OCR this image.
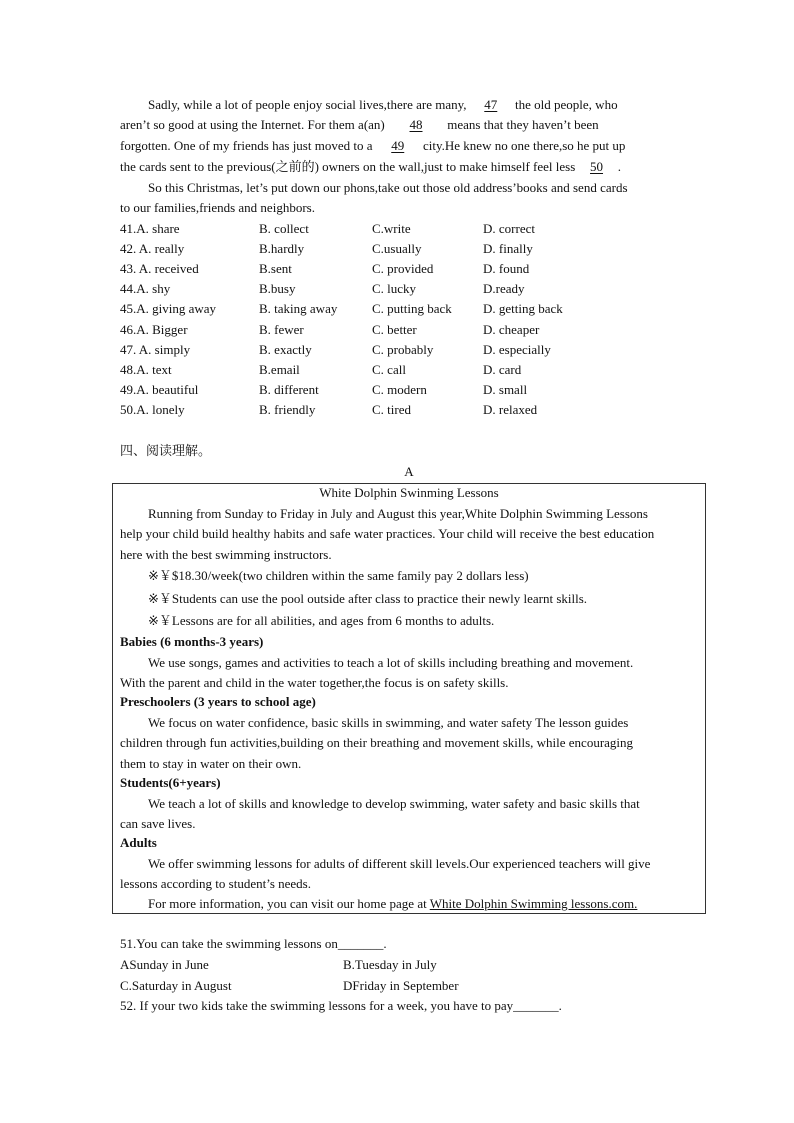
Sadly, while a lot of people enjoy social lives,there are many, 47 the old people, who
aren’t so good at using the Internet. For them a(an) 48 means that they haven’t been
forgotten. One of my friends has just moved to a 49 city.He knew no one there,so he put up
the cards sent to the previous(之前的) owners on the wall,just to make himself feel less 50 .
So this Christmas, let’s put down our phons,take out those old address’books and send cards
to our families,friends and neighbors.
41.A. share	B. collect	C.write	D. correct
42. A. really	B.hardly	C.usually	D. finally
43. A. received	B.sent	C. provided	D. found
44.A. shy	B.busy	C. lucky	D.ready
45.A. giving away	B. taking away	C. putting back D. getting back
46.A. Bigger	B. fewer	C. better	D. cheaper
47. A. simply	B. exactly	C. probably	D. especially
48.A. text	B.email	C. call	D. card
49.A. beautiful	B. different	C. modern	D. small
50.A. lonely	B. friendly	C. tired	D. relaxed
四、阅读理解。
A
White Dolphin Swinming Lessons
Running from Sunday to Friday in July and August this year,White Dolphin Swimming Lessons
help your child build healthy habits and safe water practices. Your child will receive the best education
here with the best swimming instructors.
※￥$18.30/week(two children within the same family pay 2 dollars less)
※￥Students can use the pool outside after class to practice their newly learnt skills.
※￥Lessons are for all abilities, and ages from 6 months to adults.
Babies (6 months-3 years)
We use songs, games and activities to teach a lot of skills including breathing and movement.
With the parent and child in the water together,the focus is on safety skills.
Preschoolers (3 years to school age)
We focus on water confidence, basic skills in swimming, and water safety The lesson guides
children through fun activities,building on their breathing and movement skills, while encouraging
them to stay in water on their own.
Students(6+years)
We teach a lot of skills and knowledge to develop swimming, water safety and basic skills that
can save lives.
Adults
We offer swimming lessons for adults of different skill levels.Our experienced teachers will give
lessons according to student’s needs.
For more information, you can visit our home page at White Dolphin Swimming lessons.com.
51.You can take the swimming lessons on_______.
ASunday in June	B.Tuesday in July
C.Saturday in August	DFriday in September
52. If your two kids take the swimming lessons for a week, you have to pay_______.
